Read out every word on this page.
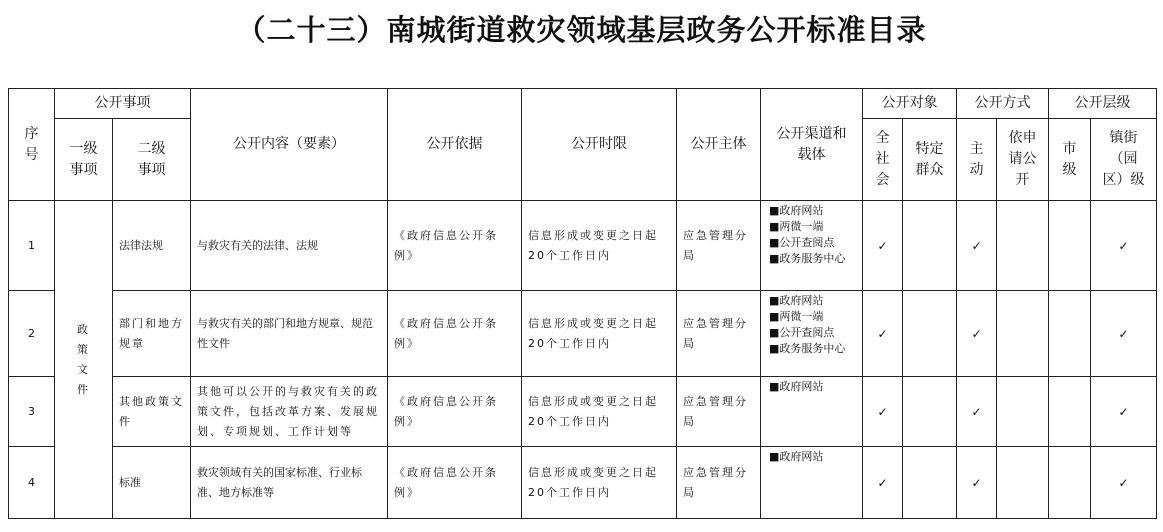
（二十三）南城街道救灾领域基层政务公开标准目录
序号	公开事项		公开内容（要素）	公开依据	公开时限	公开主体	公开渠道和载体	公开对象		公开方式		公开层级	
	一级事项	二级事项						全社会	特定群众	主动	依申请公开	市级	镇街（园区）级
1	政策文件	法律法规	与救灾有关的法律、法规	《政府信息公开条例》	信息形成或变更之日起20个工作日内	应急管理分局	■政府网站
■两微一端
■公开查阅点
■政务服务中心	✓		✓			✓
2		部门和地方规章	与救灾有关的部门和地方规章、规范性文件	《政府信息公开条例》	信息形成或变更之日起20个工作日内	应急管理分局	■政府网站
■两微一端
■公开查阅点
■政务服务中心	✓		✓			✓
3		其他政策文件	其他可以公开的与救灾有关的政策文件，包括改革方案、发展规划、专项规划、工作计划等	《政府信息公开条例》	信息形成或变更之日起20个工作日内	应急管理分局	■政府网站	✓		✓			✓
4		标准	救灾领域有关的国家标准、行业标准、地方标准等	《政府信息公开条例》	信息形成或变更之日起20个工作日内	应急管理分局	■政府网站	✓		✓			✓
